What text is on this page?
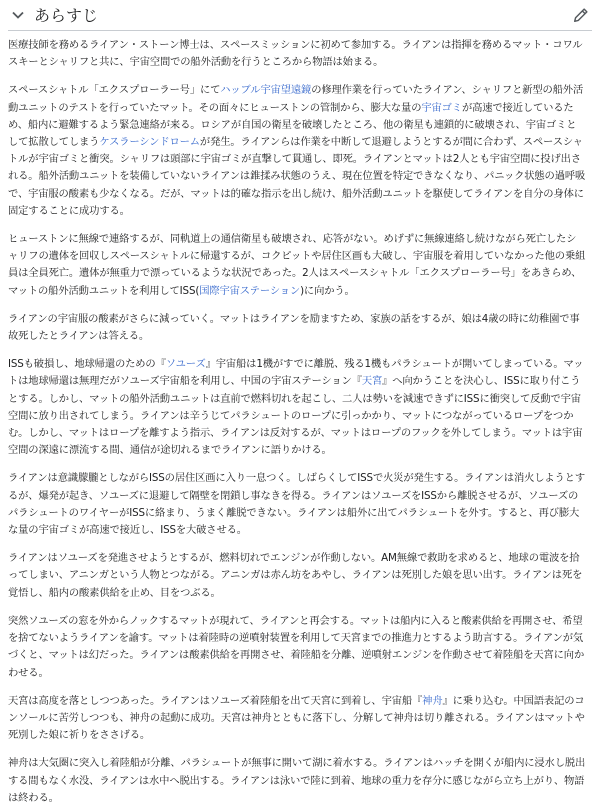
あらすじ

医療技師を務めるライアン・ストーン博士は、スペースミッションに初めて参加する。ライアンは指揮を務めるマット・コワルスキーとシャリフと共に、宇宙空間での船外活動を行うところから物語は始まる。

スペースシャトル「エクスプローラー号」にてハッブル宇宙望遠鏡の修理作業を行っていたライアン、シャリフと新型の船外活動ユニットのテストを行っていたマット。その面々にヒューストンの管制から、膨大な量の宇宙ゴミが高速で接近しているため、船内に避難するよう緊急連絡が来る。ロシアが自国の衛星を破壊したところ、他の衛星も連鎖的に破壊され、宇宙ゴミとして拡散してしまうケスラーシンドロームが発生。ライアンらは作業を中断して退避しようとするが間に合わず、スペースシャトルが宇宙ゴミと衝突。シャリフは頭部に宇宙ゴミが直撃して貫通し、即死。ライアンとマットは2人とも宇宙空間に投げ出される。船外活動ユニットを装備していないライアンは錐揉み状態のうえ、現在位置を特定できなくなり、パニック状態の過呼吸で、宇宙服の酸素も少なくなる。だが、マットは的確な指示を出し続け、船外活動ユニットを駆使してライアンを自分の身体に固定することに成功する。

ヒューストンに無線で連絡するが、同軌道上の通信衛星も破壊され、応答がない。めげずに無線連絡し続けながら死亡したシャリフの遺体を回収しスペースシャトルに帰還するが、コクピットや居住区画も大破し、宇宙服を着用していなかった他の乗組員は全員死亡。遺体が無重力で漂っているような状況であった。2人はスペースシャトル「エクスプローラー号」をあきらめ、マットの船外活動ユニットを利用してISS(国際宇宙ステーション)に向かう。

ライアンの宇宙服の酸素がさらに減っていく。マットはライアンを励ますため、家族の話をするが、娘は4歳の時に幼稚園で事故死したとライアンは答える。

ISSも破損し、地球帰還のための『ソユーズ』宇宙船は1機がすでに離脱、残る1機もパラシュートが開いてしまっている。マットは地球帰還は無理だがソユーズ宇宙船を利用し、中国の宇宙ステーション『天宮』へ向かうことを決心し、ISSに取り付こうとする。しかし、マットの船外活動ユニットは直前で燃料切れを起こし、二人は勢いを減速できずにISSに衝突して反動で宇宙空間に放り出されてしまう。ライアンは辛うじてパラシュートのロープに引っかかり、マットにつながっているロープをつかむ。しかし、マットはロープを離すよう指示、ライアンは反対するが、マットはロープのフックを外してしまう。マットは宇宙空間の深遠に漂流する間、通信が途切れるまでライアンに語りかける。

ライアンは意識朦朧としながらISSの居住区画に入り一息つく。しばらくしてISSで火災が発生する。ライアンは消火しようとするが、爆発が起き、ソユーズに退避して隔壁を閉鎖し事なきを得る。ライアンはソユーズをISSから離脱させるが、ソユーズのパラシュートのワイヤーがISSに絡まり、うまく離脱できない。ライアンは船外に出てパラシュートを外す。すると、再び膨大な量の宇宙ゴミが高速で接近し、ISSを大破させる。

ライアンはソユーズを発進させようとするが、燃料切れでエンジンが作動しない。AM無線で救助を求めると、地球の電波を拾ってしまい、アニンガという人物とつながる。アニンガは赤ん坊をあやし、ライアンは死別した娘を思い出す。ライアンは死を覚悟し、船内の酸素供給を止め、目をつぶる。

突然ソユーズの窓を外からノックするマットが現れて、ライアンと再会する。マットは船内に入ると酸素供給を再開させ、希望を捨てないようライアンを諭す。マットは着陸時の逆噴射装置を利用して天宮までの推進力とするよう助言する。ライアンが気づくと、マットは幻だった。ライアンは酸素供給を再開させ、着陸船を分離、逆噴射エンジンを作動させて着陸船を天宮に向かわせる。

天宮は高度を落としつつあった。ライアンはソユーズ着陸船を出て天宮に到着し、宇宙船『神舟』に乗り込む。中国語表記のコンソールに苦労しつつも、神舟の起動に成功。天宮は神舟とともに落下し、分解して神舟は切り離される。ライアンはマットや死別した娘に祈りをささげる。

神舟は大気圏に突入し着陸船が分離、パラシュートが無事に開いて湖に着水する。ライアンはハッチを開くが船内に浸水し脱出する間もなく水没、ライアンは水中へ脱出する。ライアンは泳いで陸に到着、地球の重力を存分に感じながら立ち上がり、物語は終わる。
